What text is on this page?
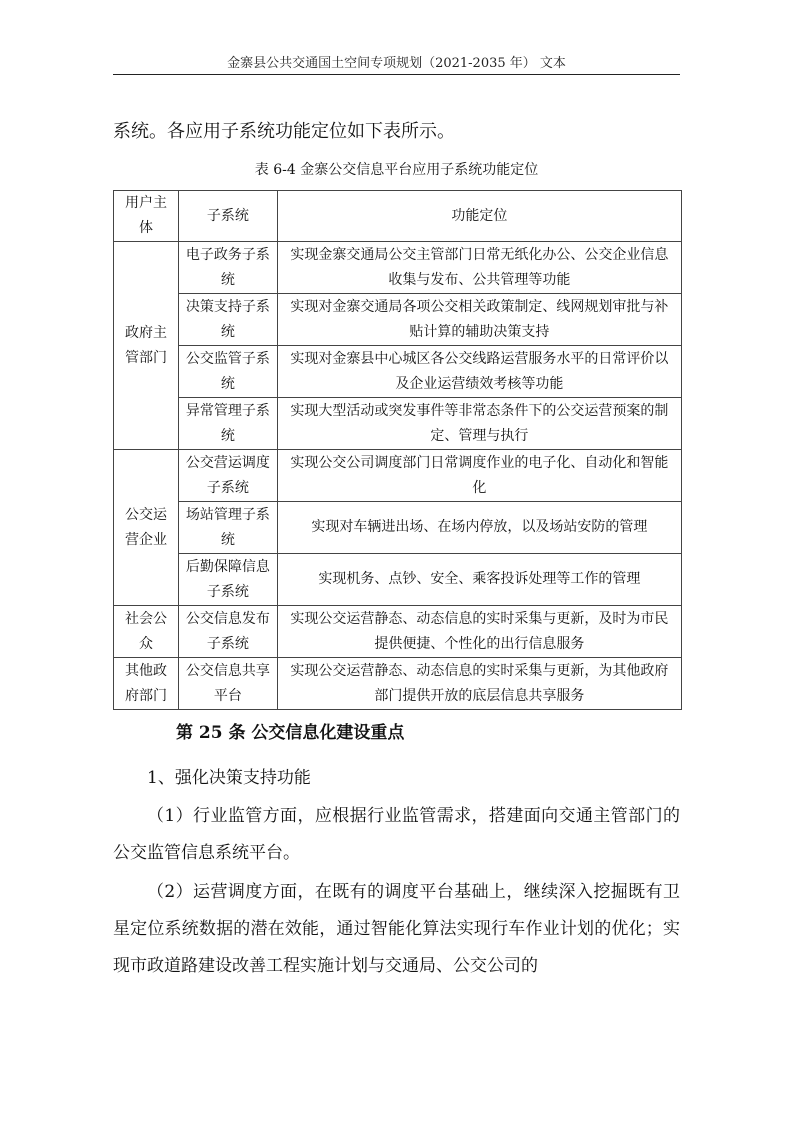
金寨县公共交通国土空间专项规划（2021-2035 年） 文本
系统。各应用子系统功能定位如下表所示。
表 6-4 金寨公交信息平台应用子系统功能定位
用户主体	子系统	功能定位
政府主管部门	电子政务子系统	实现金寨交通局公交主管部门日常无纸化办公、公交企业信息收集与发布、公共管理等功能
	决策支持子系统	实现对金寨交通局各项公交相关政策制定、线网规划审批与补贴计算的辅助决策支持
	公交监管子系统	实现对金寨县中心城区各公交线路运营服务水平的日常评价以及企业运营绩效考核等功能
	异常管理子系统	实现大型活动或突发事件等非常态条件下的公交运营预案的制定、管理与执行
公交运营企业	公交营运调度子系统	实现公交公司调度部门日常调度作业的电子化、自动化和智能化
	场站管理子系统	实现对车辆进出场、在场内停放，以及场站安防的管理
	后勤保障信息子系统	实现机务、点钞、安全、乘客投诉处理等工作的管理
社会公众	公交信息发布子系统	实现公交运营静态、动态信息的实时采集与更新，及时为市民提供便捷、个性化的出行信息服务
其他政府部门	公交信息共享平台	实现公交运营静态、动态信息的实时采集与更新，为其他政府部门提供开放的底层信息共享服务
第 25 条 公交信息化建设重点
1、强化决策支持功能
（1）行业监管方面，应根据行业监管需求，搭建面向交通主管部门的公交监管信息系统平台。
（2）运营调度方面，在既有的调度平台基础上，继续深入挖掘既有卫星定位系统数据的潜在效能，通过智能化算法实现行车作业计划的优化；实现市政道路建设改善工程实施计划与交通局、公交公司的
